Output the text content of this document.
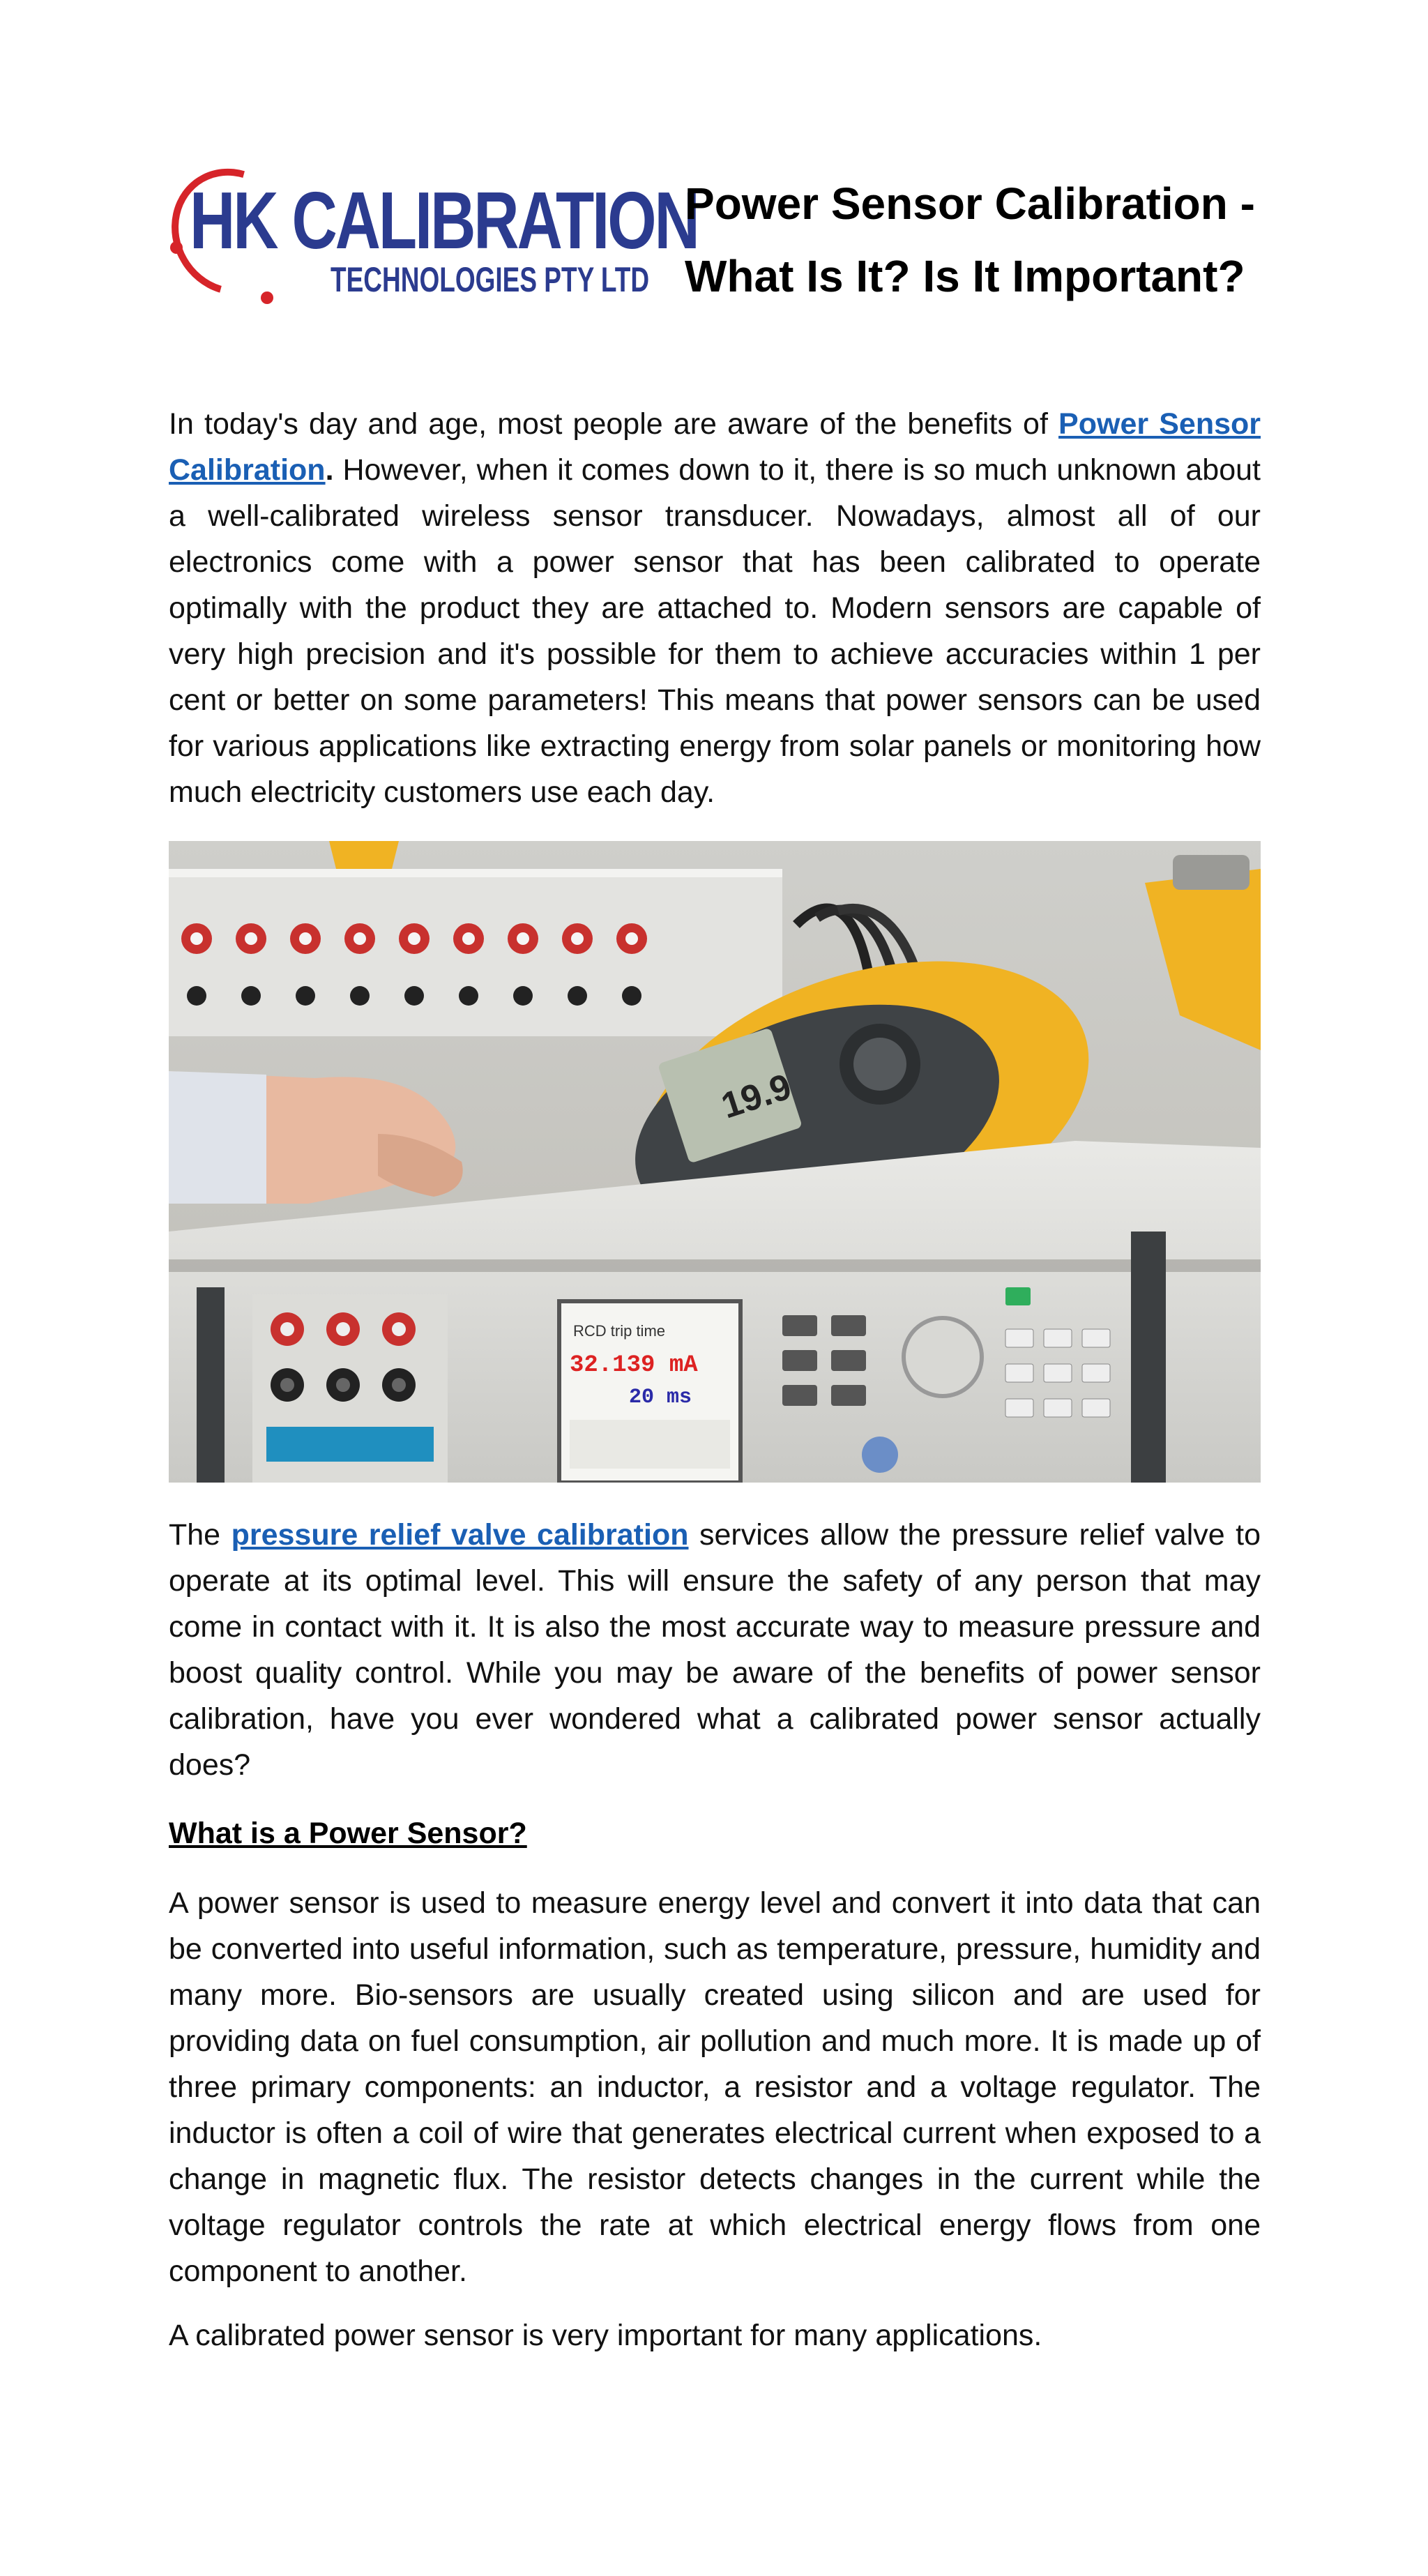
HK CALIBRATION
TECHNOLOGIES PTY LTD
Power Sensor Calibration -
What Is It? Is It Important?

In today's day and age, most people are aware of the benefits of Power Sensor Calibration. However, when it comes down to it, there is so much unknown about a well-calibrated wireless sensor transducer. Nowadays, almost all of our electronics come with a power sensor that has been calibrated to operate optimally with the product they are attached to. Modern sensors are capable of very high precision and it's possible for them to achieve accuracies within 1 per cent or better on some parameters! This means that power sensors can be used for various applications like extracting energy from solar panels or monitoring how much electricity customers use each day.

19.9
RCD trip time
32.139 mA
20 ms

The pressure relief valve calibration services allow the pressure relief valve to operate at its optimal level. This will ensure the safety of any person that may come in contact with it. It is also the most accurate way to measure pressure and boost quality control. While you may be aware of the benefits of power sensor calibration, have you ever wondered what a calibrated power sensor actually does?

What is a Power Sensor?

A power sensor is used to measure energy level and convert it into data that can be converted into useful information, such as temperature, pressure, humidity and many more. Bio-sensors are usually created using silicon and are used for providing data on fuel consumption, air pollution and much more. It is made up of three primary components: an inductor, a resistor and a voltage regulator. The inductor is often a coil of wire that generates electrical current when exposed to a change in magnetic flux. The resistor detects changes in the current while the voltage regulator controls the rate at which electrical energy flows from one component to another.

A calibrated power sensor is very important for many applications.
